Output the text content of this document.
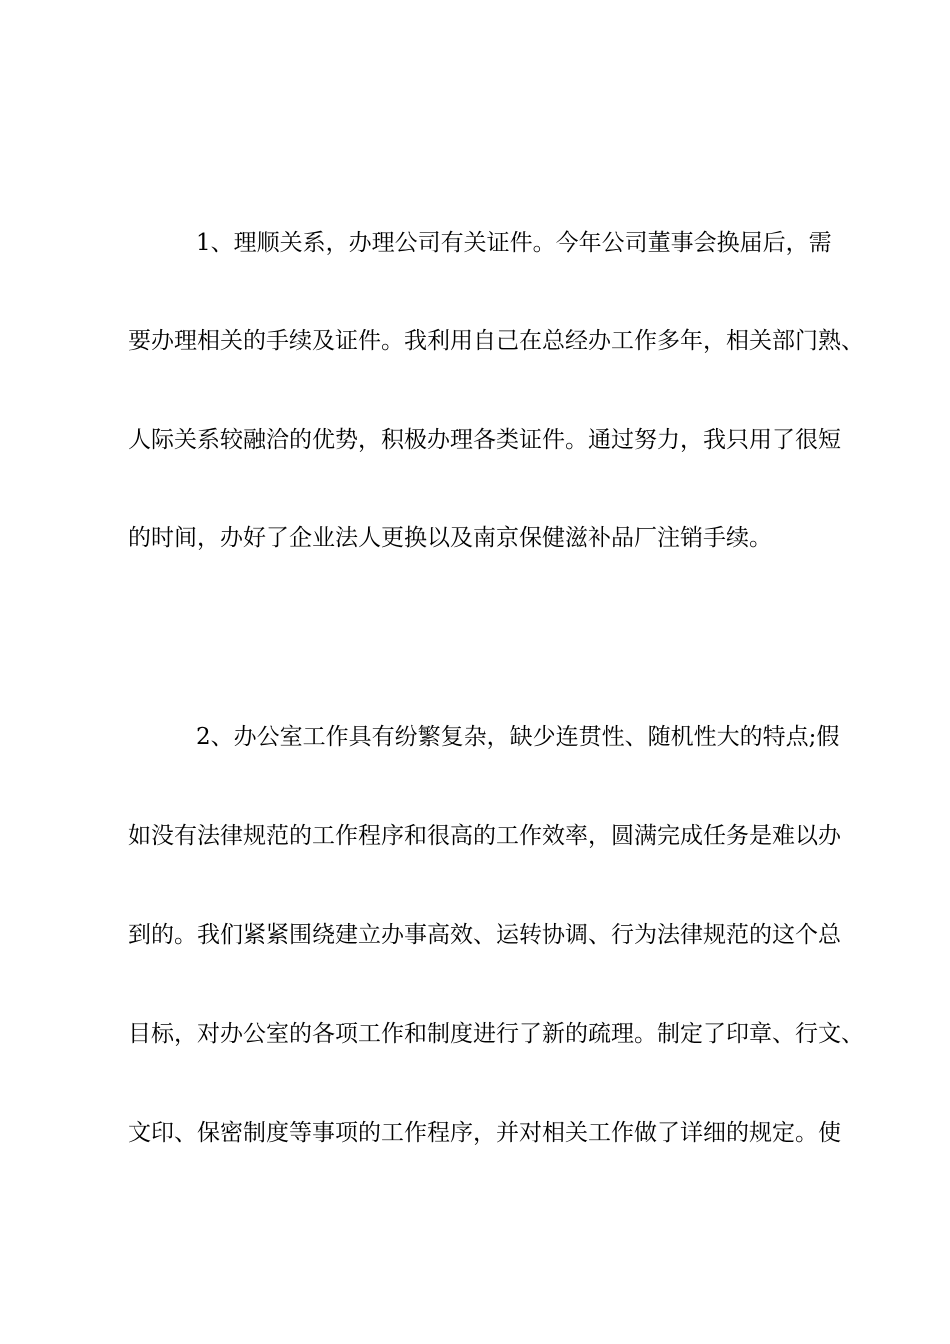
1、理顺关系，办理公司有关证件。今年公司董事会换届后，需

要办理相关的手续及证件。我利用自己在总经办工作多年，相关部门熟、

人际关系较融洽的优势，积极办理各类证件。通过努力，我只用了很短

的时间，办好了企业法人更换以及南京保健滋补品厂注销手续。

2、办公室工作具有纷繁复杂，缺少连贯性、随机性大的特点;假

如没有法律规范的工作程序和很高的工作效率，圆满完成任务是难以办

到的。我们紧紧围绕建立办事高效、运转协调、行为法律规范的这个总

目标，对办公室的各项工作和制度进行了新的疏理。制定了印章、行文、

文印、保密制度等事项的工作程序，并对相关工作做了详细的规定。使
